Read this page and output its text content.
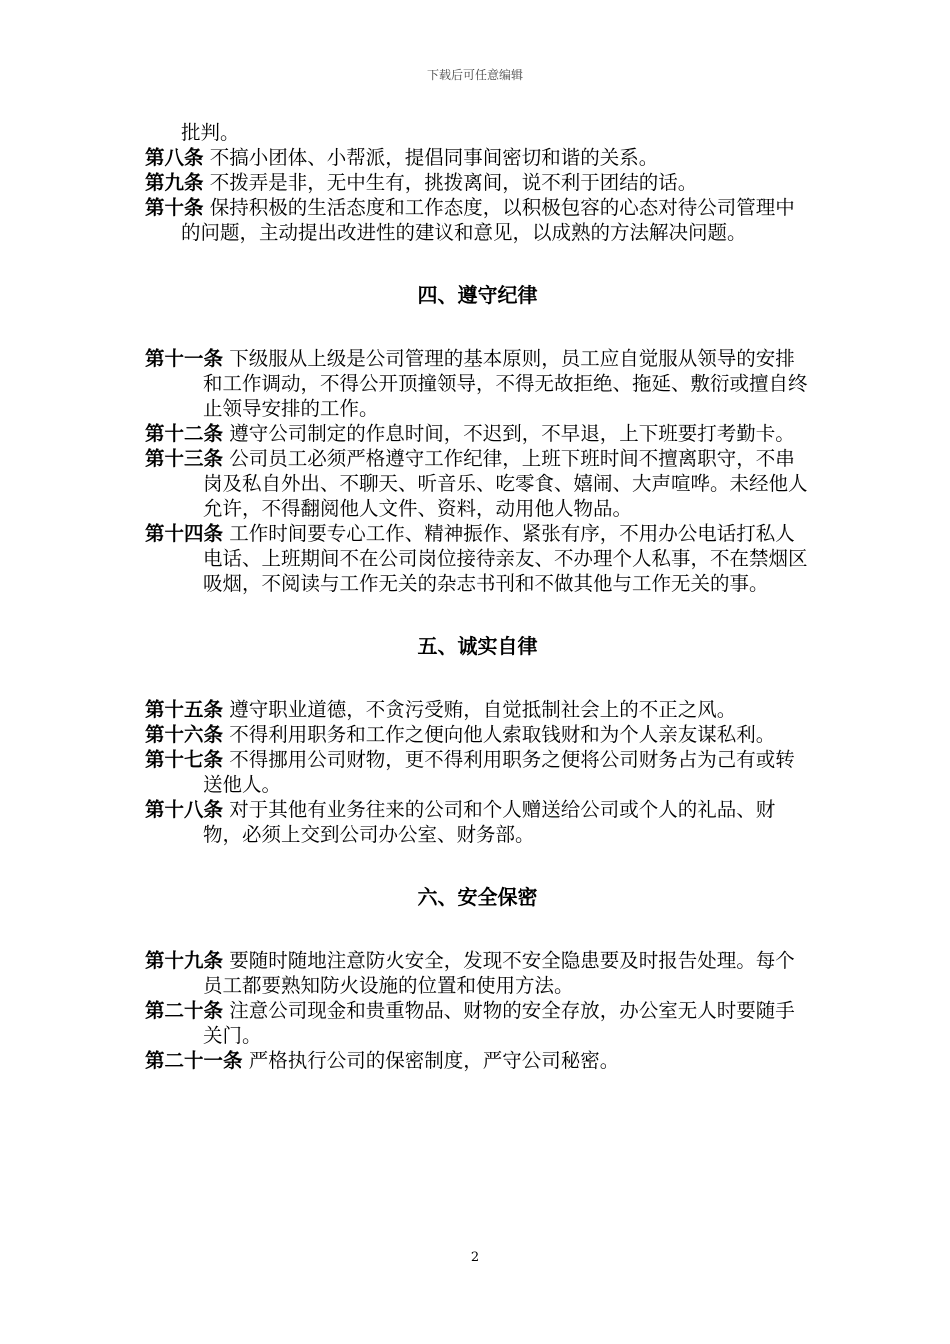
下载后可任意编辑

批判。

第八条 不搞小团体、小帮派，提倡同事间密切和谐的关系。

第九条 不拨弄是非，无中生有，挑拨离间，说不利于团结的话。

第十条 保持积极的生活态度和工作态度，以积极包容的心态对待公司管理中的问题，主动提出改进性的建议和意见，以成熟的方法解决问题。

四、遵守纪律

第十一条 下级服从上级是公司管理的基本原则，员工应自觉服从领导的安排和工作调动，不得公开顶撞领导，不得无故拒绝、拖延、敷衍或擅自终止领导安排的工作。

第十二条 遵守公司制定的作息时间，不迟到，不早退，上下班要打考勤卡。

第十三条 公司员工必须严格遵守工作纪律，上班下班时间不擅离职守，不串岗及私自外出、不聊天、听音乐、吃零食、嬉闹、大声喧哗。未经他人允许，不得翻阅他人文件、资料，动用他人物品。

第十四条 工作时间要专心工作、精神振作、紧张有序，不用办公电话打私人电话、上班期间不在公司岗位接待亲友、不办理个人私事，不在禁烟区吸烟，不阅读与工作无关的杂志书刊和不做其他与工作无关的事。

五、诚实自律

第十五条 遵守职业道德，不贪污受贿，自觉抵制社会上的不正之风。

第十六条 不得利用职务和工作之便向他人索取钱财和为个人亲友谋私利。

第十七条 不得挪用公司财物，更不得利用职务之便将公司财务占为己有或转送他人。

第十八条 对于其他有业务往来的公司和个人赠送给公司或个人的礼品、财物，必须上交到公司办公室、财务部。

六、安全保密

第十九条 要随时随地注意防火安全，发现不安全隐患要及时报告处理。每个员工都要熟知防火设施的位置和使用方法。

第二十条 注意公司现金和贵重物品、财物的安全存放，办公室无人时要随手关门。

第二十一条 严格执行公司的保密制度，严守公司秘密。

2
